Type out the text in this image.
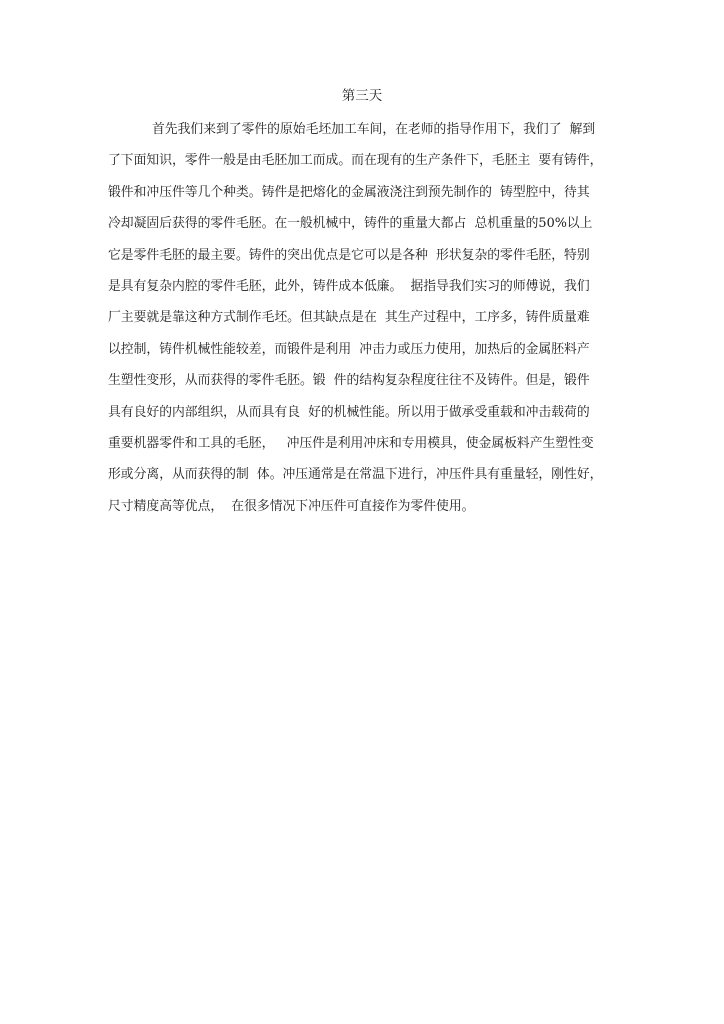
第三天
首先我们来到了零件的原始毛坯加工车间，在老师的指导作用下，我们了  解到
了下面知识，零件一般是由毛胚加工而成。而在现有的生产条件下，毛胚主  要有铸件，
锻件和冲压件等几个种类。铸件是把熔化的金属液浇注到预先制作的  铸型腔中，待其
冷却凝固后获得的零件毛胚。在一般机械中，铸件的重量大都占  总机重量的50%以上
它是零件毛胚的最主要。铸件的突出优点是它可以是各种  形状复杂的零件毛胚，特别
是具有复杂内腔的零件毛胚，此外，铸件成本低廉。  据指导我们实习的师傅说，我们
厂主要就是靠这种方式制作毛坯。但其缺点是在  其生产过程中，工序多，铸件质量难
以控制，铸件机械性能较差，而锻件是利用  冲击力或压力使用，加热后的金属胚料产
生塑性变形，从而获得的零件毛胚。锻  件的结构复杂程度往往不及铸件。但是，锻件
具有良好的内部组织，从而具有良  好的机械性能。所以用于做承受重载和冲击载荷的
重要机器零件和工具的毛胚，   冲压件是利用冲床和专用模具，使金属板料产生塑性变
形或分离，从而获得的制  体。冲压通常是在常温下进行，冲压件具有重量轻，刚性好，
尺寸精度高等优点，  在很多情况下冲压件可直接作为零件使用。
